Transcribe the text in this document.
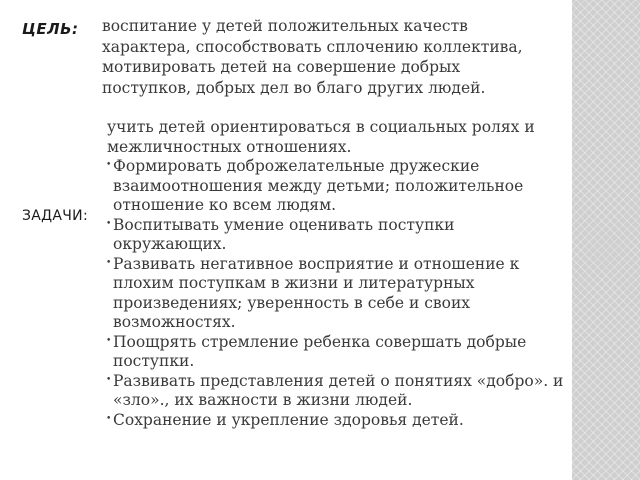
ЦЕЛЬ: воспитание у детей положительных качеств характера, способствовать сплочению коллектива, мотивировать детей на совершение добрых поступков, добрых дел во благо других людей.
ЗАДАЧИ:
учить детей ориентироваться в социальных ролях и межличностных отношениях.
• Формировать доброжелательные дружеские взаимоотношения между детьми; положительное отношение ко всем людям.
• Воспитывать умение оценивать поступки окружающих.
• Развивать негативное восприятие и отношение к плохим поступкам в жизни и литературных произведениях; уверенность в себе и своих возможностях.
• Поощрять стремление ребенка совершать добрые поступки.
• Развивать представления детей о понятиях «добро». и «зло»., их важности в жизни людей.
• Сохранение и укрепление здоровья детей.
